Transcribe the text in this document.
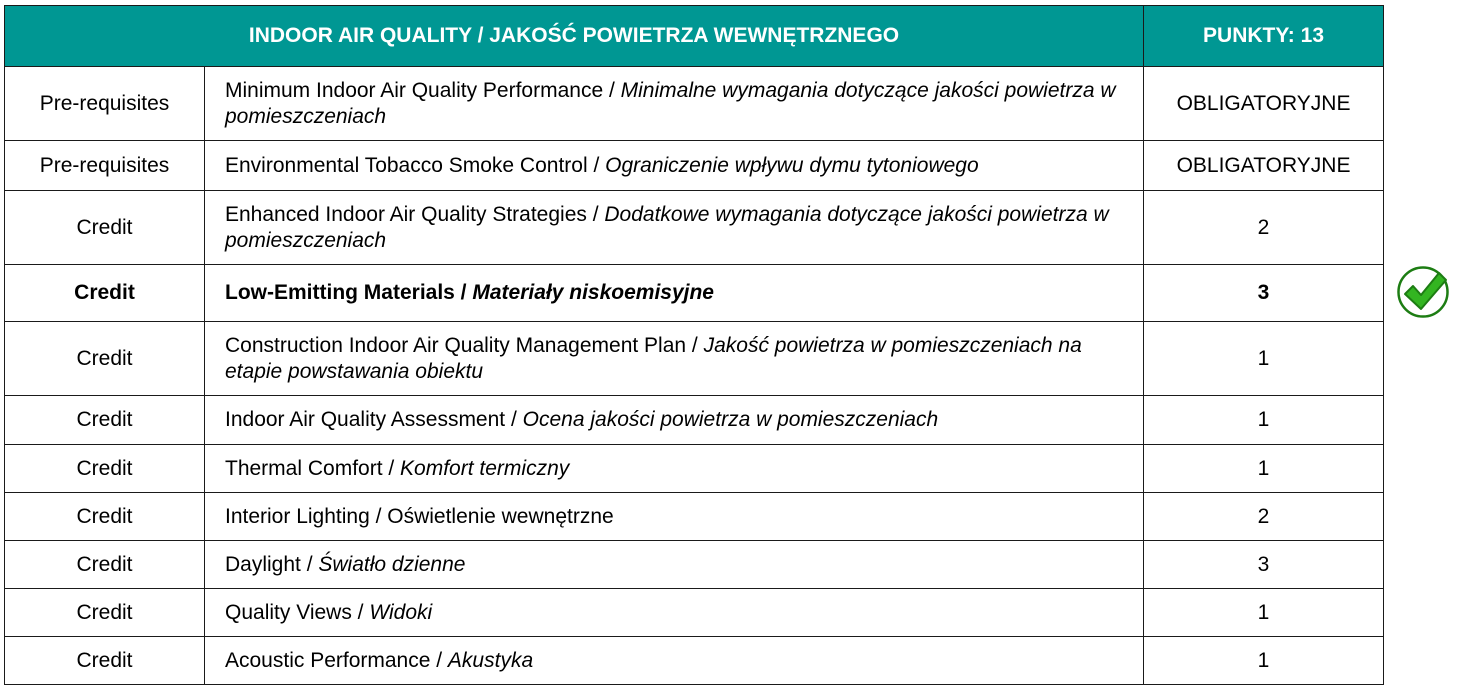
INDOOR AIR QUALITY / JAKOŚĆ POWIETRZA WEWNĘTRZNEGO		PUNKTY: 13
Pre-requisites	Minimum Indoor Air Quality Performance / Minimalne wymagania dotyczące jakości powietrza w pomieszczeniach	OBLIGATORYJNE
Pre-requisites	Environmental Tobacco Smoke Control / Ograniczenie wpływu dymu tytoniowego	OBLIGATORYJNE
Credit	Enhanced Indoor Air Quality Strategies / Dodatkowe wymagania dotyczące jakości powietrza w pomieszczeniach	2
Credit	Low-Emitting Materials / Materiały niskoemisyjne	3
Credit	Construction Indoor Air Quality Management Plan / Jakość powietrza w pomieszczeniach na etapie powstawania obiektu	1
Credit	Indoor Air Quality Assessment / Ocena jakości powietrza w pomieszczeniach	1
Credit	Thermal Comfort / Komfort termiczny	1
Credit	Interior Lighting / Oświetlenie wewnętrzne	2
Credit	Daylight / Światło dzienne	3
Credit	Quality Views / Widoki	1
Credit	Acoustic Performance / Akustyka	1
